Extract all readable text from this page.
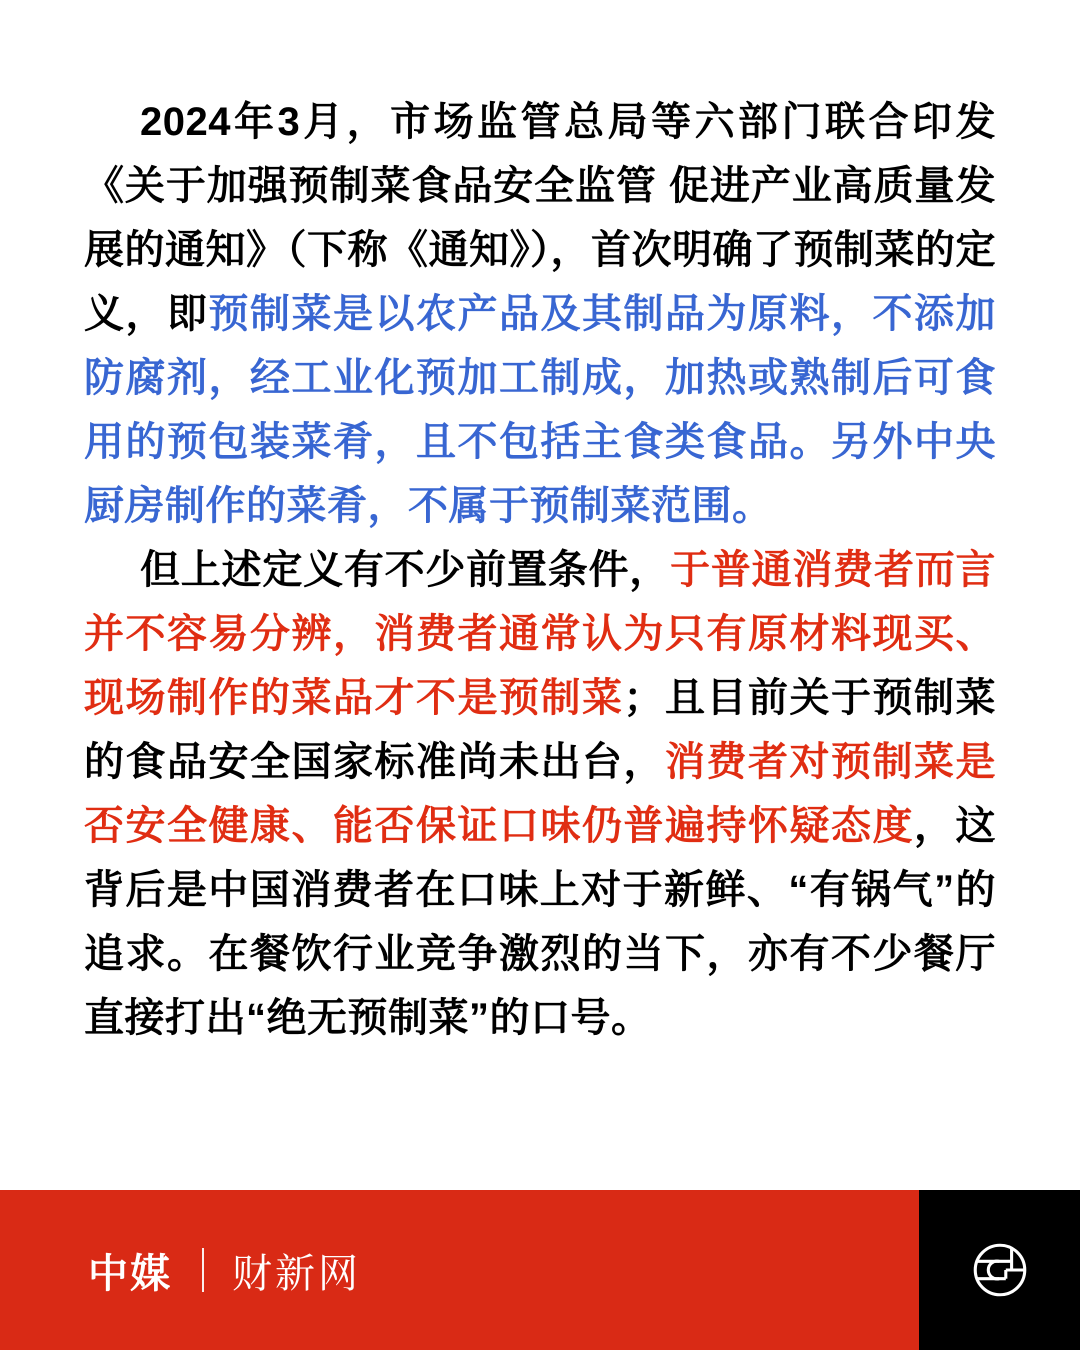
2024年3月，市场监管总局等六部门联合印发《关于加强预制菜食品安全监管 促进产业高质量发展的通知》（下称《通知》），首次明确了预制菜的定义，即预制菜是以农产品及其制品为原料，不添加防腐剂，经工业化预加工制成，加热或熟制后可食用的预包装菜肴，且不包括主食类食品。另外中央厨房制作的菜肴，不属于预制菜范围。

但上述定义有不少前置条件，于普通消费者而言并不容易分辨，消费者通常认为只有原材料现买、现场制作的菜品才不是预制菜；且目前关于预制菜的食品安全国家标准尚未出台，消费者对预制菜是否安全健康、能否保证口味仍普遍持怀疑态度，这背后是中国消费者在口味上对于新鲜、“有锅气”的追求。在餐饮行业竞争激烈的当下，亦有不少餐厅直接打出“绝无预制菜”的口号。

中媒 财新网
